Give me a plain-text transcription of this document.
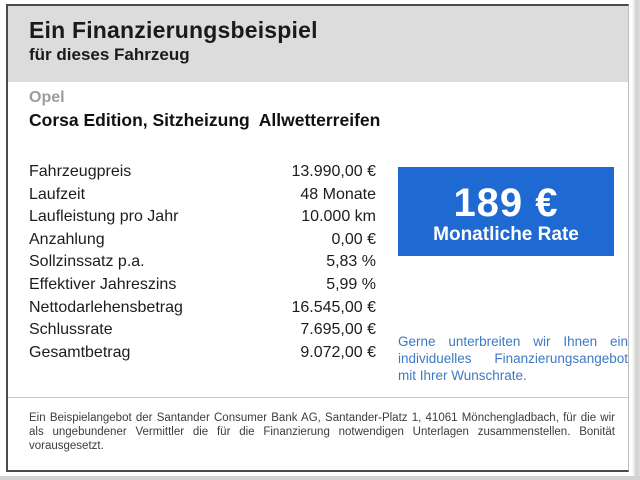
Ein Finanzierungsbeispiel
für dieses Fahrzeug
Opel
Corsa Edition, Sitzheizung  Allwetterreifen
Fahrzeugpreis	13.990,00 €
Laufzeit	48 Monate
Laufleistung pro Jahr	10.000 km
Anzahlung	0,00 €
Sollzinssatz p.a.	5,83 %
Effektiver Jahreszins	5,99 %
Nettodarlehensbetrag	16.545,00 €
Schlussrate	7.695,00 €
Gesamtbetrag	9.072,00 €
189 €
Monatliche Rate
Gerne unterbreiten wir Ihnen ein individuelles Finanzierungsangebot mit Ihrer Wunschrate.
Ein Beispielangebot der Santander Consumer Bank AG, Santander-Platz 1, 41061 Mönchengladbach, für die wir als ungebundener Vermittler die für die Finanzierung notwendigen Unterlagen zusammenstellen. Bonität vorausgesetzt.
